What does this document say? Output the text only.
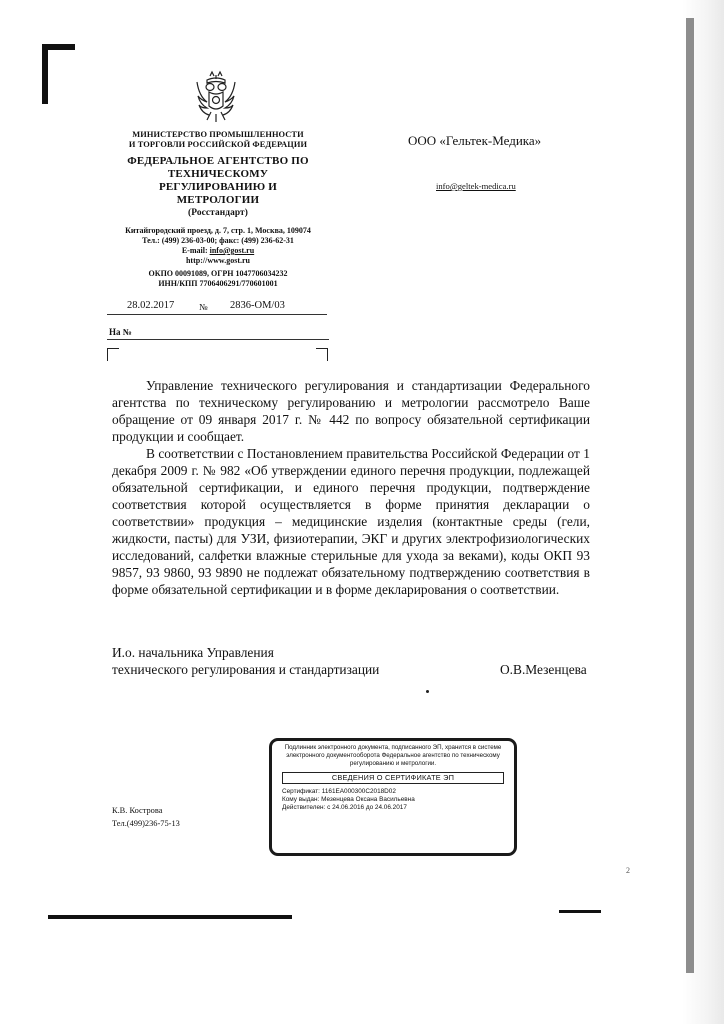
МИНИСТЕРСТВО ПРОМЫШЛЕННОСТИ
И ТОРГОВЛИ РОССИЙСКОЙ ФЕДЕРАЦИИ
ФЕДЕРАЛЬНОЕ АГЕНТСТВО ПО
ТЕХНИЧЕСКОМУ РЕГУЛИРОВАНИЮ И
МЕТРОЛОГИИ
(Росстандарт)
Китайгородский проезд, д. 7, стр. 1, Москва, 109074
Тел.: (499) 236-03-00; факс: (499) 236-62-31
E-mail: info@gost.ru
http://www.gost.ru
ОКПО 00091089, ОГРН 1047706034232
ИНН/КПП 7706406291/770601001
28.02.2017	№ 2836-ОМ/03
На №
ООО «Гельтек-Медика»
info@geltek-medica.ru

Управление технического регулирования и стандартизации Федерального агентства по техническому регулированию и метрологии рассмотрело Ваше обращение от 09 января 2017 г. № 442 по вопросу обязательной сертификации продукции и сообщает.

В соответствии с Постановлением правительства Российской Федерации от 1 декабря 2009 г. № 982 «Об утверждении единого перечня продукции, подлежащей обязательной сертификации, и единого перечня продукции, подтверждение соответствия которой осуществляется в форме принятия декларации о соответствии» продукция – медицинские изделия (контактные среды (гели, жидкости, пасты) для УЗИ, физиотерапии, ЭКГ и других электрофизиологических исследований, салфетки влажные стерильные для ухода за веками), коды ОКП 93 9857, 93 9860, 93 9890 не подлежат обязательному подтверждению соответствия в форме обязательной сертификации и в форме декларирования о соответствии.

И.о. начальника Управления
технического регулирования и стандартизации	О.В.Мезенцева
Подлинник электронного документа, подписанного ЭП, хранится в системе электронного документооборота Федеральное агентство по техническому регулированию и метрологии.
СВЕДЕНИЯ О СЕРТИФИКАТЕ ЭП
Сертификат: 1161EA000300C2018D02
Кому выдан: Мезенцева Оксана Васильевна
Действителен: с 24.06.2016 до 24.06.2017
К.В. Кострова
Тел.(499)236-75-13
2
